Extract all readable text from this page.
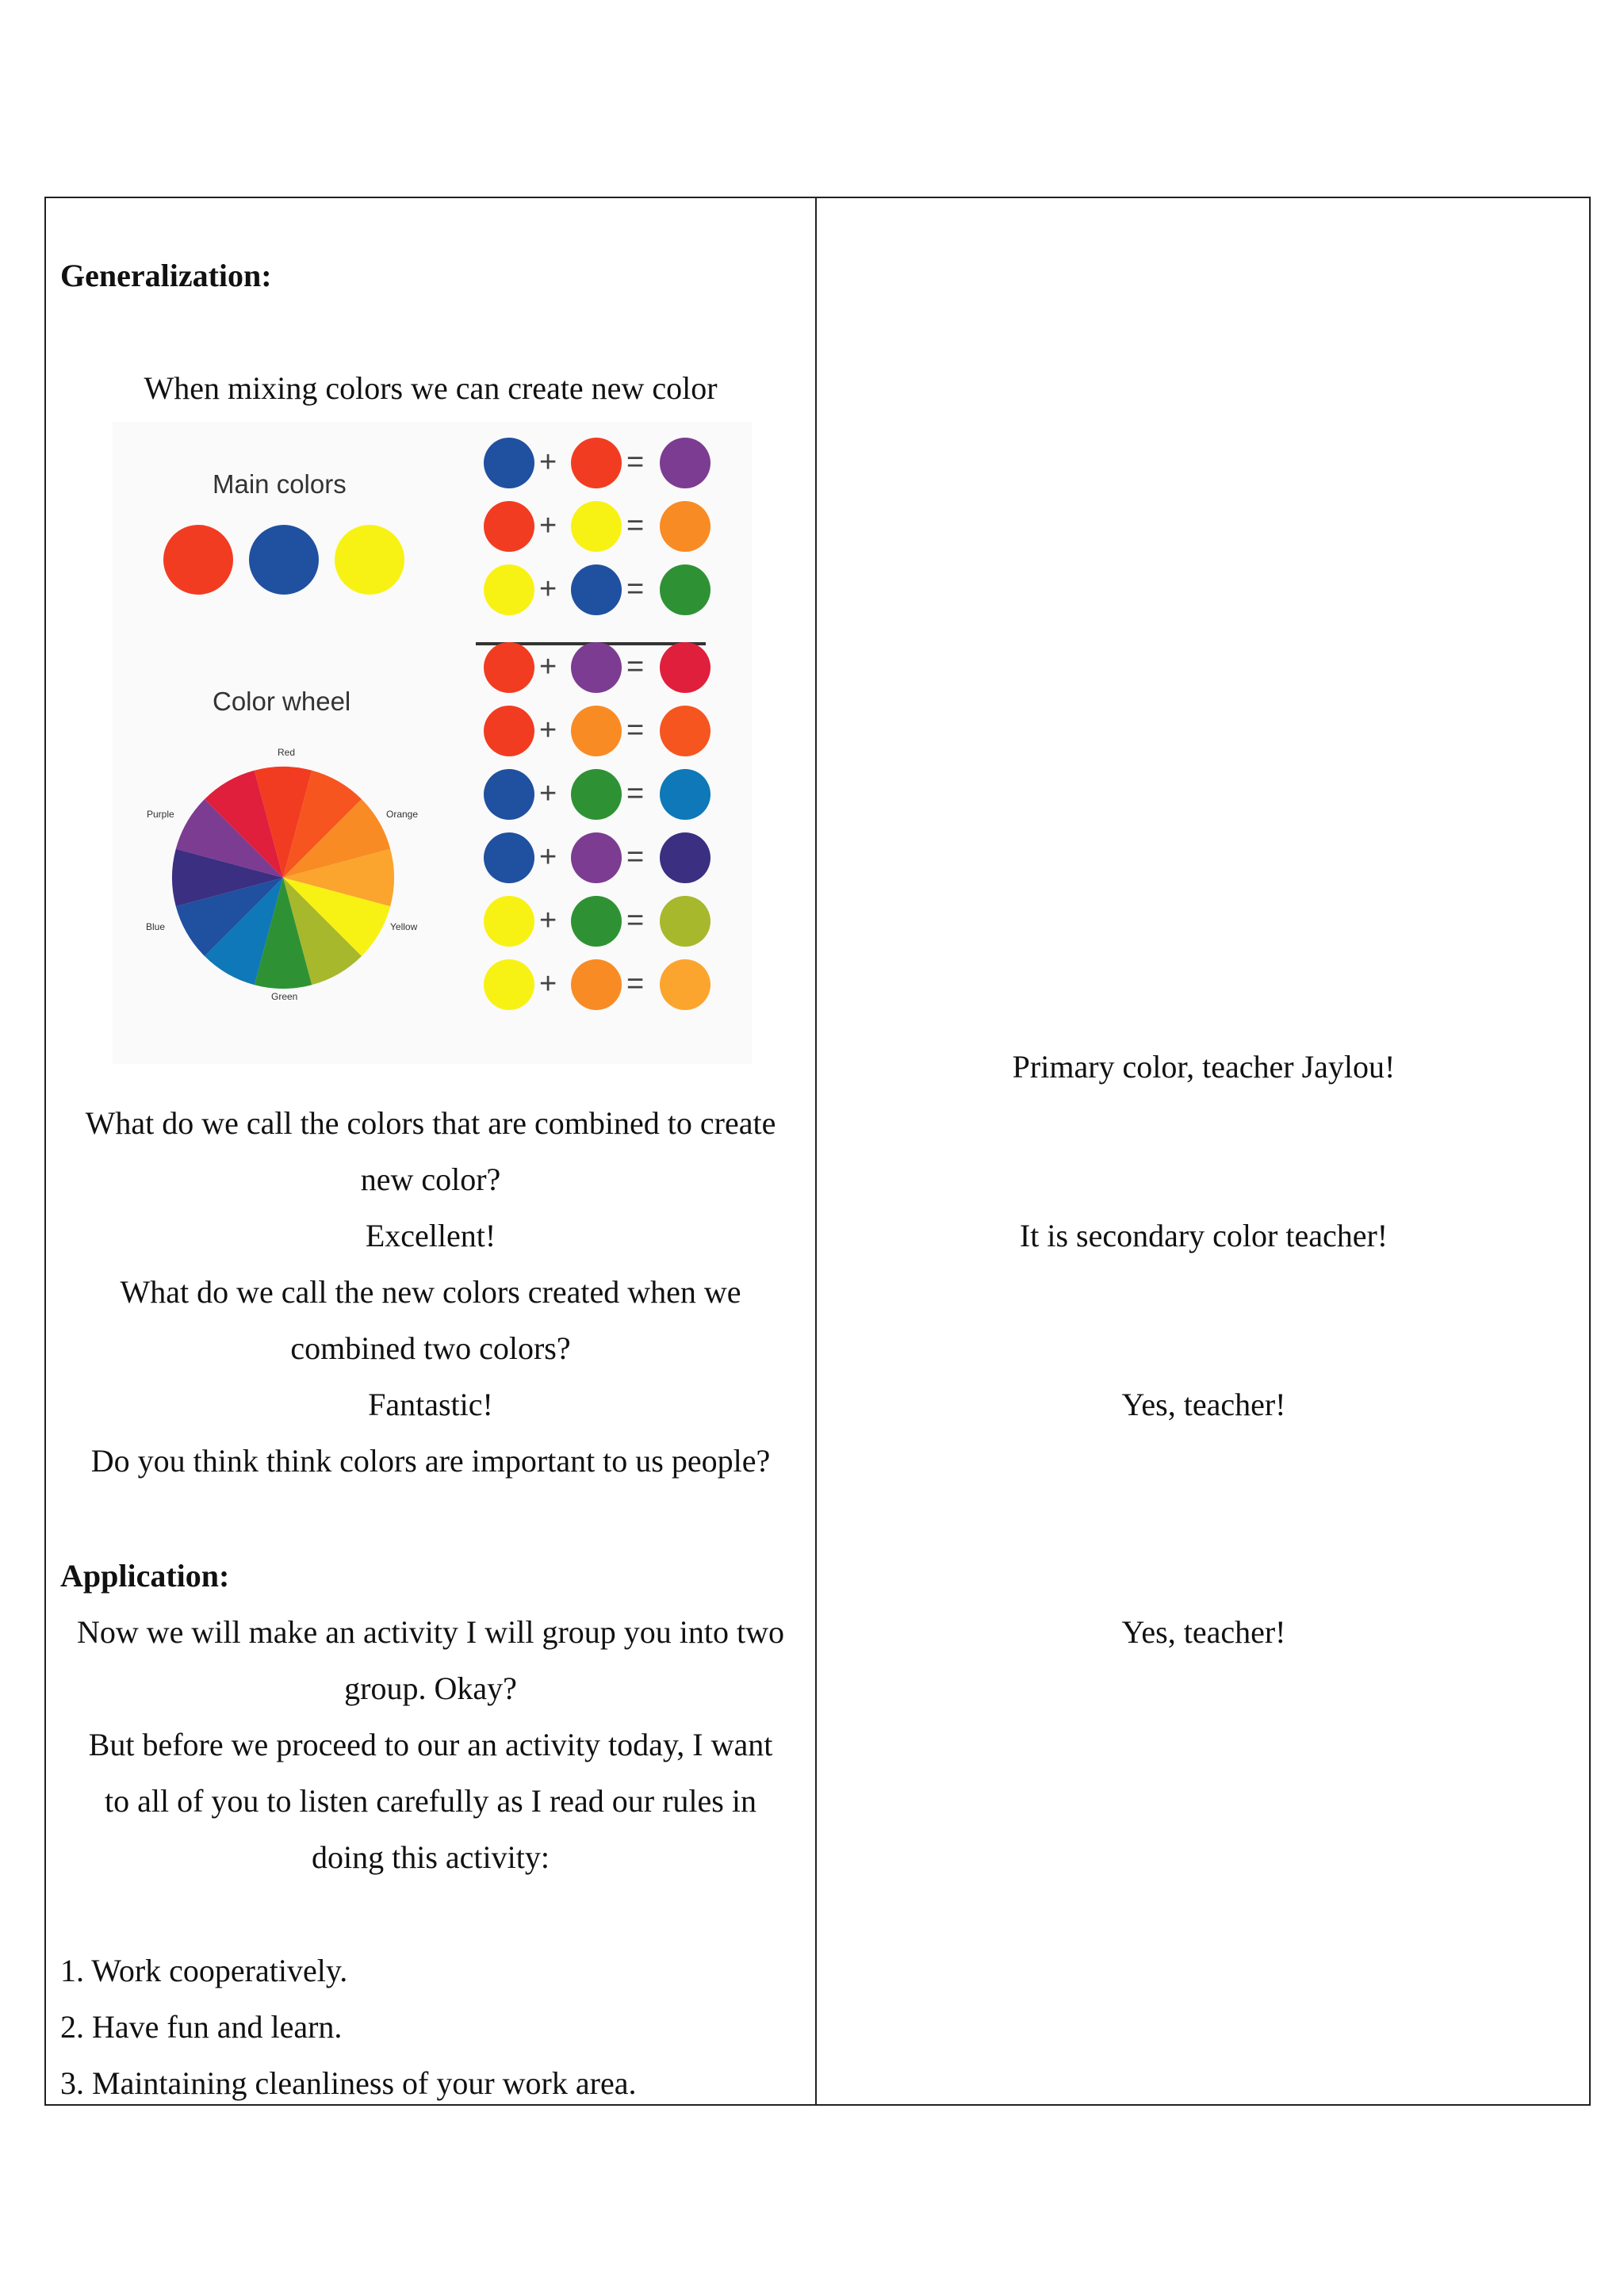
Generalization:
When mixing colors we can create new color
What do we call the colors that are combined to create
new color?
Excellent!
What do we call the new colors created when we
combined two colors?
Fantastic!
Do you think think colors are important to us people?
Application:
Now we will make an activity I will group you into two
group. Okay?
But before we proceed to our an activity today, I want
to all of you to listen carefully as I read our rules in
doing this activity:
1. Work cooperatively.
2. Have fun and learn.
3. Maintaining cleanliness of your work area.
Primary color, teacher Jaylou!
It is secondary color teacher!
Yes, teacher!
Yes, teacher!
Main colors
Color wheel
Red
Orange
Yellow
Green
Blue
Purple
+ =
+ =
+ =
+ =
+ =
+ =
+ =
+ =
+ =
